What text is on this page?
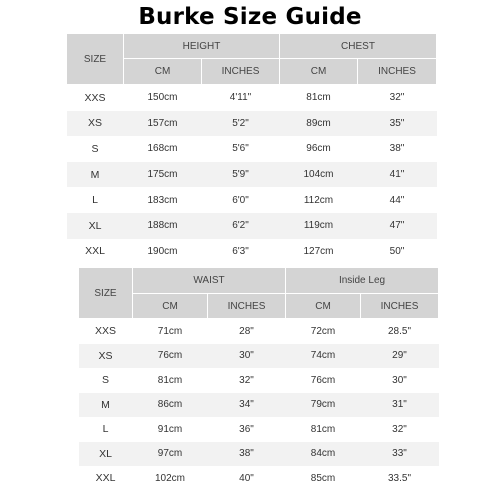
Burke Size Guide
SIZE	HEIGHT		CHEST	
	CM	INCHES	CM	INCHES
XXS	150cm	4'11"	81cm	32"
XS	157cm	5'2"	89cm	35"
S	168cm	5'6"	96cm	38"
M	175cm	5'9"	104cm	41"
L	183cm	6'0"	112cm	44"
XL	188cm	6'2"	119cm	47"
XXL	190cm	6'3"	127cm	50"
SIZE	WAIST		Inside Leg	
	CM	INCHES	CM	INCHES
XXS	71cm	28"	72cm	28.5"
XS	76cm	30"	74cm	29"
S	81cm	32"	76cm	30"
M	86cm	34"	79cm	31"
L	91cm	36"	81cm	32"
XL	97cm	38"	84cm	33"
XXL	102cm	40"	85cm	33.5"
